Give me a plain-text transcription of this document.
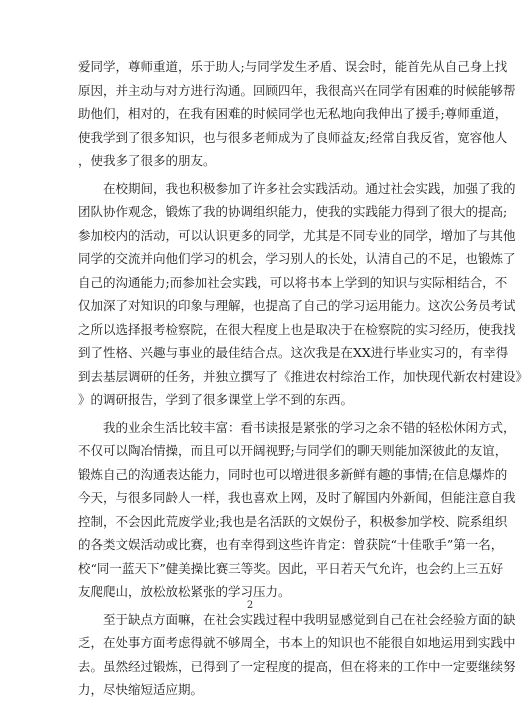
爱同学，尊师重道，乐于助人;与同学发生矛盾、误会时，能首先从自己身上找
原因，并主动与对方进行沟通。回顾四年，我很高兴在同学有困难的时候能够帮
助他们，相对的，在我有困难的时候同学也无私地向我伸出了援手;尊师重道，
使我学到了很多知识，也与很多老师成为了良师益友;经常自我反省，宽容他人
，使我多了很多的朋友。

　　在校期间，我也积极参加了许多社会实践活动。通过社会实践，加强了我的
团队协作观念，锻炼了我的协调组织能力，使我的实践能力得到了很大的提高;
参加校内的活动，可以认识更多的同学，尤其是不同专业的同学，增加了与其他
同学的交流并向他们学习的机会，学习别人的长处，认清自己的不足，也锻炼了
自己的沟通能力;而参加社会实践，可以将书本上学到的知识与实际相结合，不
仅加深了对知识的印象与理解，也提高了自己的学习运用能力。这次公务员考试
之所以选择报考检察院，在很大程度上也是取决于在检察院的实习经历，使我找
到了性格、兴趣与事业的最佳结合点。这次我是在XX进行毕业实习的，有幸得
到去基层调研的任务，并独立撰写了《推进农村综治工作，加快现代新农村建设》
》的调研报告，学到了很多课堂上学不到的东西。

　　我的业余生活比较丰富：看书读报是紧张的学习之余不错的轻松休闲方式，
不仅可以陶冶情操，而且可以开阔视野;与同学们的聊天则能加深彼此的友谊，
锻炼自己的沟通表达能力，同时也可以增进很多新鲜有趣的事情;在信息爆炸的
今天，与很多同龄人一样，我也喜欢上网，及时了解国内外新闻，但能注意自我
控制，不会因此荒废学业;我也是名活跃的文娱份子，积极参加学校、院系组织
的各类文娱活动或比赛，也有幸得到这些许肯定：曾获院“十佳歌手”第一名，
校“同一蓝天下”健美操比赛三等奖。因此，平日若天气允许，也会约上三五好
友爬爬山，放松放松紧张的学习压力。

　　至于缺点方面嘛，在社会实践过程中我明显感觉到自己在社会经验方面的缺
乏，在处事方面考虑得就不够周全，书本上的知识也不能很自如地运用到实践中
去。虽然经过锻炼，已得到了一定程度的提高，但在将来的工作中一定要继续努
力，尽快缩短适应期。

2
